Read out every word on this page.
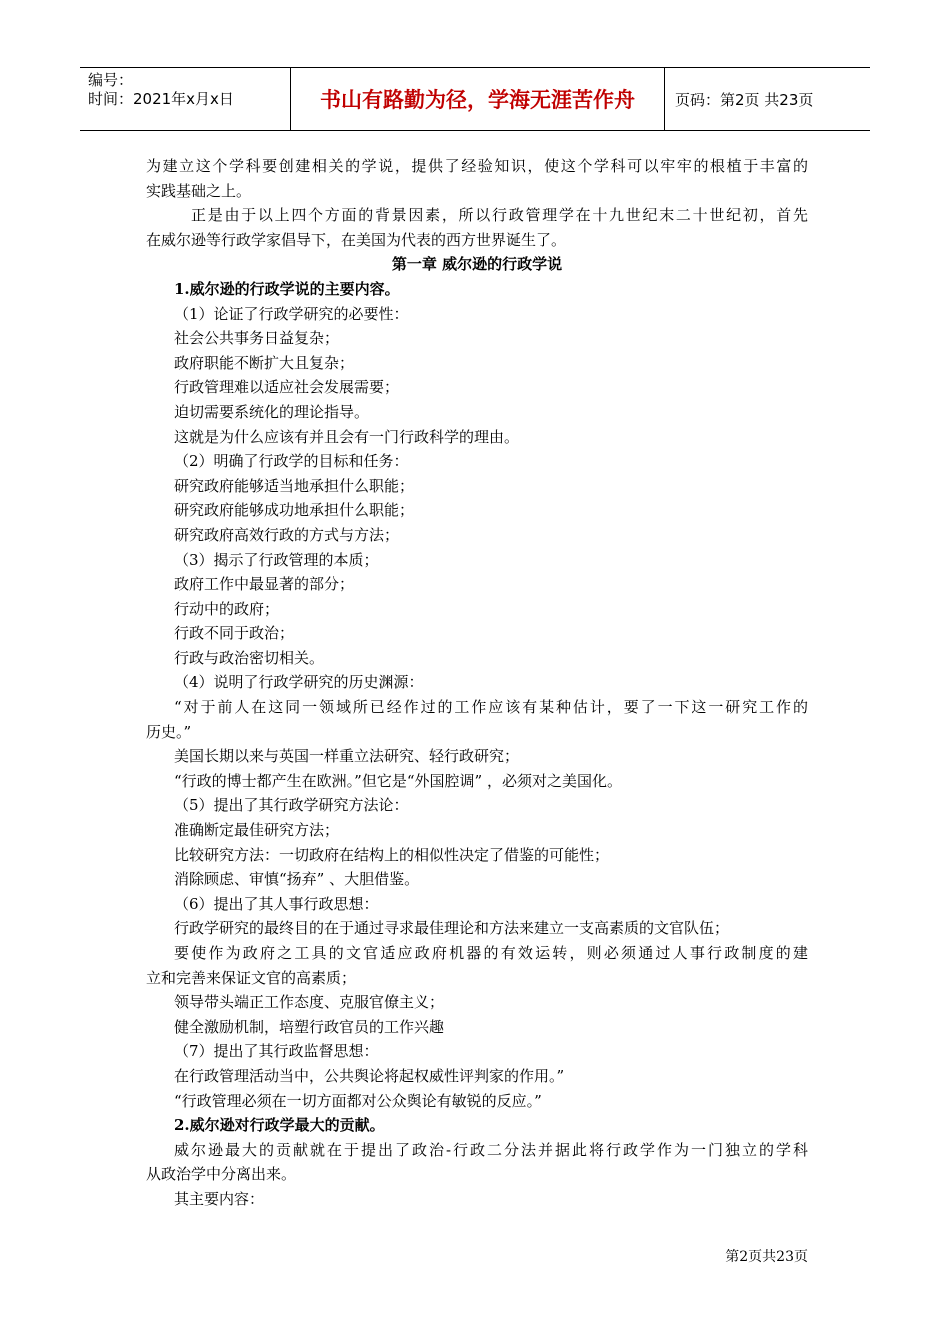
编号：
时间：2021年x月x日	书山有路勤为径，学海无涯苦作舟	页码：第2页 共23页
为建立这个学科要创建相关的学说，提供了经验知识，使这个学科可以牢牢的根植于丰富的
实践基础之上。
正是由于以上四个方面的背景因素，所以行政管理学在十九世纪末二十世纪初，首先
在威尔逊等行政学家倡导下，在美国为代表的西方世界诞生了。
第一章 威尔逊的行政学说
1.威尔逊的行政学说的主要内容。
（1）论证了行政学研究的必要性：
社会公共事务日益复杂；
政府职能不断扩大且复杂；
行政管理难以适应社会发展需要；
迫切需要系统化的理论指导。
这就是为什么应该有并且会有一门行政科学的理由。
（2）明确了行政学的目标和任务：
研究政府能够适当地承担什么职能；
研究政府能够成功地承担什么职能；
研究政府高效行政的方式与方法；
（3）揭示了行政管理的本质；
政府工作中最显著的部分；
行动中的政府；
行政不同于政治；
行政与政治密切相关。
（4）说明了行政学研究的历史渊源：
“对于前人在这同一领域所已经作过的工作应该有某种估计，要了一下这一研究工作的
历史。”
美国长期以来与英国一样重立法研究、轻行政研究；
“行政的博士都产生在欧洲。”但它是“外国腔调” ，必须对之美国化。
（5）提出了其行政学研究方法论：
准确断定最佳研究方法；
比较研究方法：一切政府在结构上的相似性决定了借鉴的可能性；
消除顾虑、审慎“扬弃” 、大胆借鉴。
（6）提出了其人事行政思想：
行政学研究的最终目的在于通过寻求最佳理论和方法来建立一支高素质的文官队伍；
要使作为政府之工具的文官适应政府机器的有效运转，则必须通过人事行政制度的建
立和完善来保证文官的高素质；
领导带头端正工作态度、克服官僚主义；
健全激励机制，培塑行政官员的工作兴趣
（7）提出了其行政监督思想：
在行政管理活动当中，公共舆论将起权威性评判家的作用。”
“行政管理必须在一切方面都对公众舆论有敏锐的反应。”
2.威尔逊对行政学最大的贡献。
威尔逊最大的贡献就在于提出了政治-行政二分法并据此将行政学作为一门独立的学科
从政治学中分离出来。
其主要内容：
第2页共23页
